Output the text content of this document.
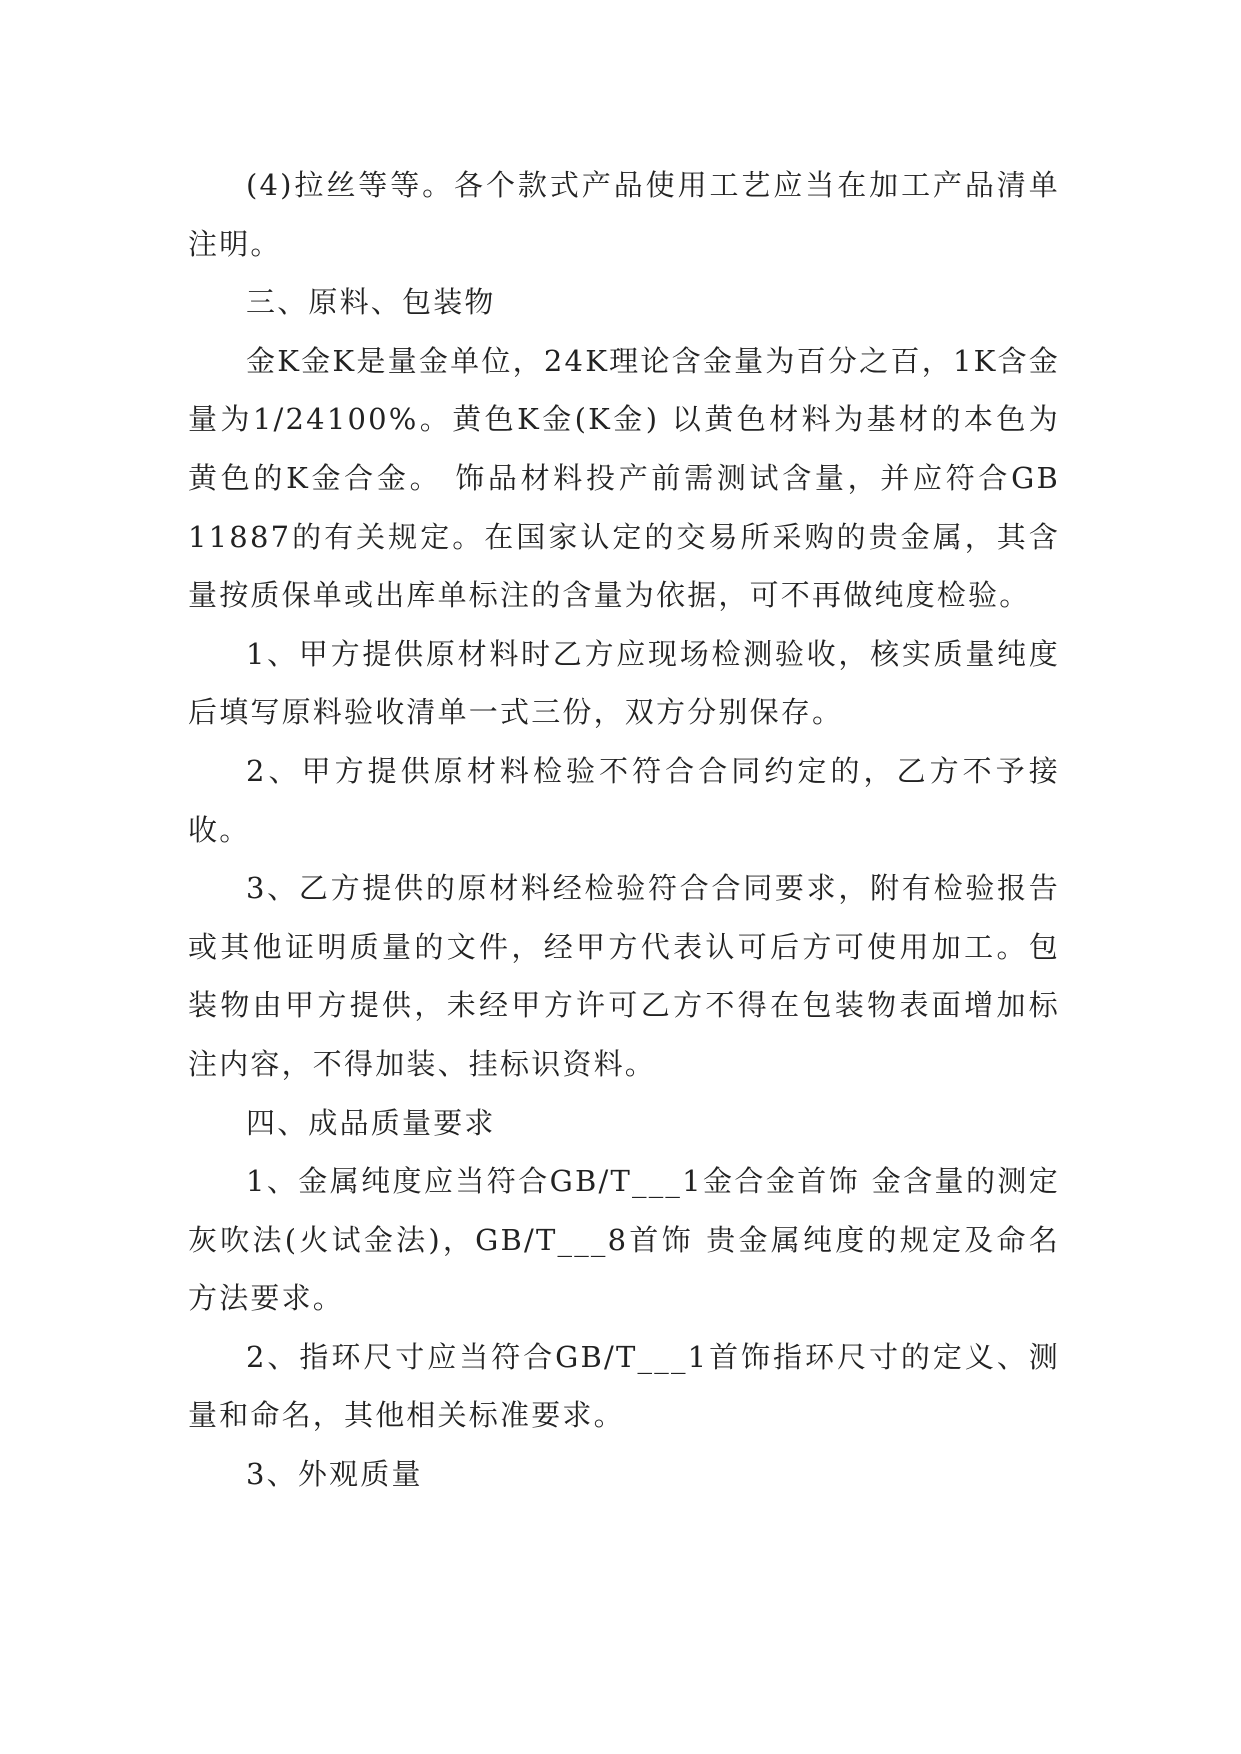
(4)拉丝等等。各个款式产品使用工艺应当在加工产品清单注明。

三、原料、包装物

金K金K是量金单位，24K理论含金量为百分之百，1K含金量为1/24100%。黄色K金(K金) 以黄色材料为基材的本色为黄色的K金合金。 饰品材料投产前需测试含量，并应符合GB 11887的有关规定。在国家认定的交易所采购的贵金属，其含量按质保单或出库单标注的含量为依据，可不再做纯度检验。

1、甲方提供原材料时乙方应现场检测验收，核实质量纯度后填写原料验收清单一式三份，双方分别保存。

2、甲方提供原材料检验不符合合同约定的，乙方不予接收。

3、乙方提供的原材料经检验符合合同要求，附有检验报告或其他证明质量的文件，经甲方代表认可后方可使用加工。包装物由甲方提供，未经甲方许可乙方不得在包装物表面增加标注内容，不得加装、挂标识资料。

四、成品质量要求

1、金属纯度应当符合GB/T___1金合金首饰 金含量的测定 灰吹法(火试金法)，GB/T___8首饰 贵金属纯度的规定及命名方法要求。

2、指环尺寸应当符合GB/T___1首饰指环尺寸的定义、测量和命名，其他相关标准要求。

3、外观质量
